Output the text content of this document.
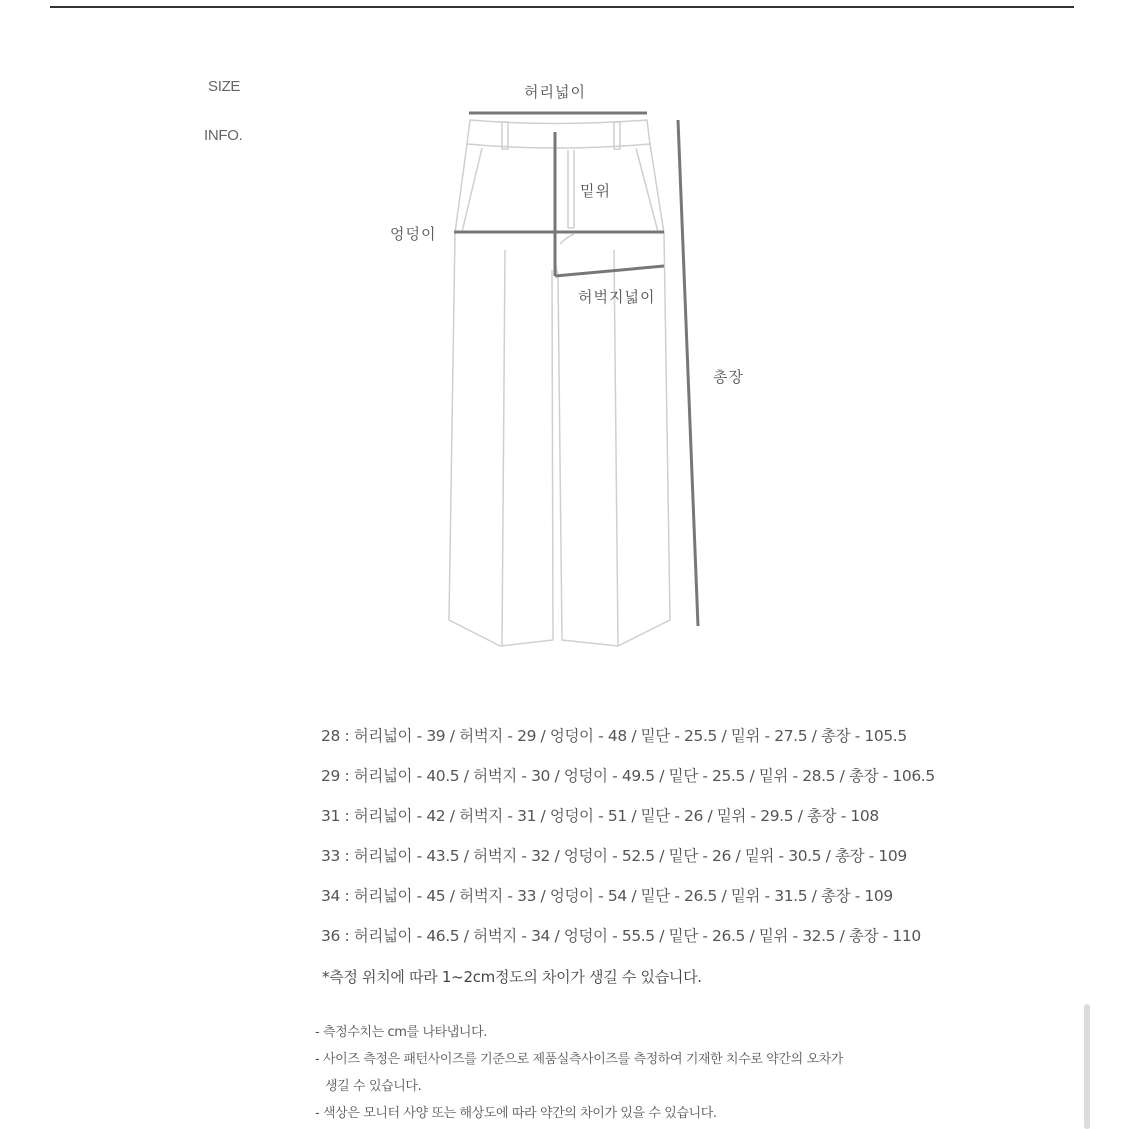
SIZE
INFO.
허리넓이
밑위
엉덩이
허벅지넓이
총장
28 : 허리넓이 - 39 / 허벅지 - 29 / 엉덩이 - 48 / 밑단 - 25.5 / 밑위 - 27.5 / 총장 - 105.5
29 : 허리넓이 - 40.5 / 허벅지 - 30 / 엉덩이 - 49.5 / 밑단 - 25.5 / 밑위 - 28.5 / 총장 - 106.5
31 : 허리넓이 - 42 / 허벅지 - 31 / 엉덩이 - 51 / 밑단 - 26 / 밑위 - 29.5 / 총장 - 108
33 : 허리넓이 - 43.5 / 허벅지 - 32 / 엉덩이 - 52.5 / 밑단 - 26 / 밑위 - 30.5 / 총장 - 109
34 : 허리넓이 - 45 / 허벅지 - 33 / 엉덩이 - 54 / 밑단 - 26.5 / 밑위 - 31.5 / 총장 - 109
36 : 허리넓이 - 46.5 / 허벅지 - 34 / 엉덩이 - 55.5 / 밑단 - 26.5 / 밑위 - 32.5 / 총장 - 110
*측정 위치에 따라 1~2cm정도의 차이가 생길 수 있습니다.
- 측정수치는 cm를 나타냅니다.
- 사이즈 측정은 패턴사이즈를 기준으로 제품실측사이즈를 측정하여 기재한 치수로 약간의 오차가
생길 수 있습니다.
- 색상은 모니터 사양 또는 해상도에 따라 약간의 차이가 있을 수 있습니다.
